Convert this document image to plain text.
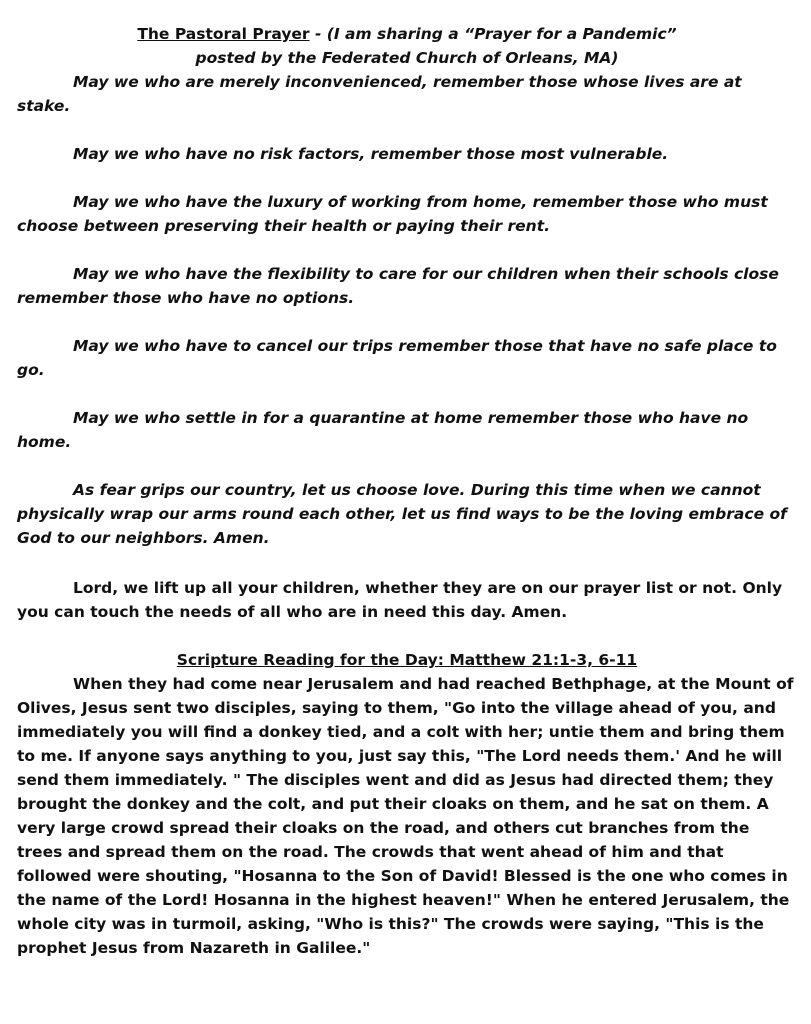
The Pastoral Prayer - (I am sharing a “Prayer for a Pandemic”
posted by the Federated Church of Orleans, MA)

May we who are merely inconvenienced, remember those whose lives are at stake.

May we who have no risk factors, remember those most vulnerable.

May we who have the luxury of working from home, remember those who must choose between preserving their health or paying their rent.

May we who have the flexibility to care for our children when their schools close remember those who have no options.

May we who have to cancel our trips remember those that have no safe place to go.

May we who settle in for a quarantine at home remember those who have no home.

As fear grips our country, let us choose love. During this time when we cannot physically wrap our arms round each other, let us find ways to be the loving embrace of God to our neighbors. Amen.

Lord, we lift up all your children, whether they are on our prayer list or not. Only you can touch the needs of all who are in need this day. Amen.

Scripture Reading for the Day: Matthew 21:1-3, 6-11

When they had come near Jerusalem and had reached Bethphage, at the Mount of Olives, Jesus sent two disciples, saying to them, "Go into the village ahead of you, and immediately you will find a donkey tied, and a colt with her; untie them and bring them to me. If anyone says anything to you, just say this, "The Lord needs them.' And he will send them immediately. " The disciples went and did as Jesus had directed them; they brought the donkey and the colt, and put their cloaks on them, and he sat on them. A very large crowd spread their cloaks on the road, and others cut branches from the trees and spread them on the road. The crowds that went ahead of him and that followed were shouting, "Hosanna to the Son of David! Blessed is the one who comes in the name of the Lord! Hosanna in the highest heaven!" When he entered Jerusalem, the whole city was in turmoil, asking, "Who is this?" The crowds were saying, "This is the prophet Jesus from Nazareth in Galilee."
